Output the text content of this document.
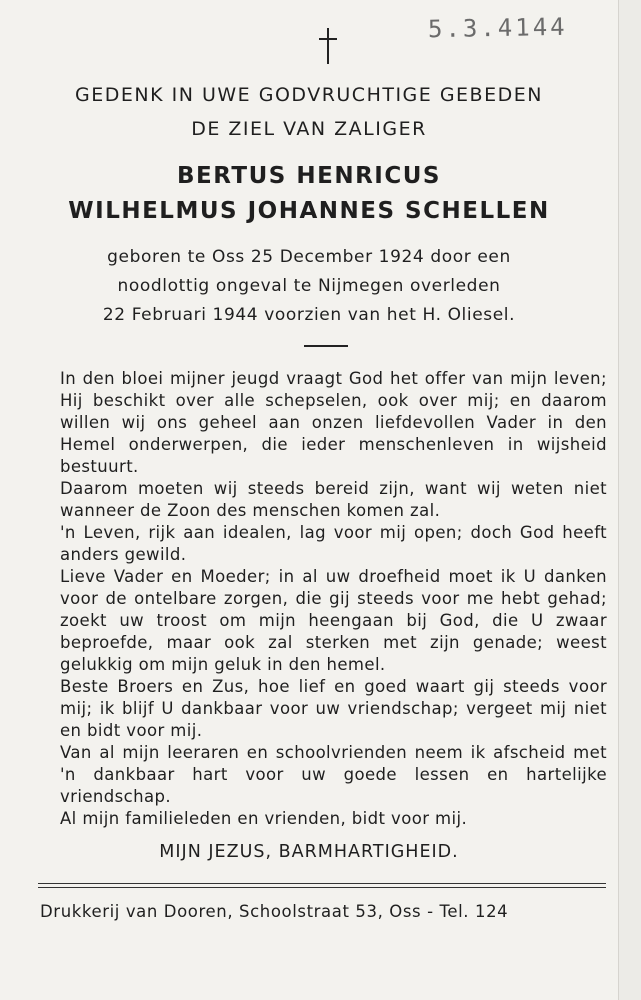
5.3.4144
GEDENK IN UWE GODVRUCHTIGE GEBEDEN
DE ZIEL VAN ZALIGER
BERTUS HENRICUS
WILHELMUS JOHANNES SCHELLEN
geboren te Oss 25 December 1924 door een
noodlottig ongeval te Nijmegen overleden
22 Februari 1944 voorzien van het H. Oliesel.

In den bloei mijner jeugd vraagt God het offer van mijn leven; Hij beschikt over alle schepselen, ook over mij; en daarom willen wij ons geheel aan onzen liefdevollen Vader in den Hemel onderwerpen, die ieder menschenleven in wijsheid bestuurt.

Daarom moeten wij steeds bereid zijn, want wij weten niet wanneer de Zoon des menschen komen zal.

'n Leven, rijk aan idealen, lag voor mij open; doch God heeft anders gewild.

Lieve Vader en Moeder; in al uw droefheid moet ik U danken voor de ontelbare zorgen, die gij steeds voor me hebt gehad; zoekt uw troost om mijn heengaan bij God, die U zwaar beproefde, maar ook zal sterken met zijn genade; weest gelukkig om mijn geluk in den hemel.

Beste Broers en Zus, hoe lief en goed waart gij steeds voor mij; ik blijf U dankbaar voor uw vriendschap; vergeet mij niet en bidt voor mij.

Van al mijn leeraren en schoolvrienden neem ik afscheid met 'n dankbaar hart voor uw goede lessen en hartelijke vriendschap.

Al mijn familieleden en vrienden, bidt voor mij.

MIJN JEZUS, BARMHARTIGHEID.
Drukkerij van Dooren, Schoolstraat 53, Oss - Tel. 124
